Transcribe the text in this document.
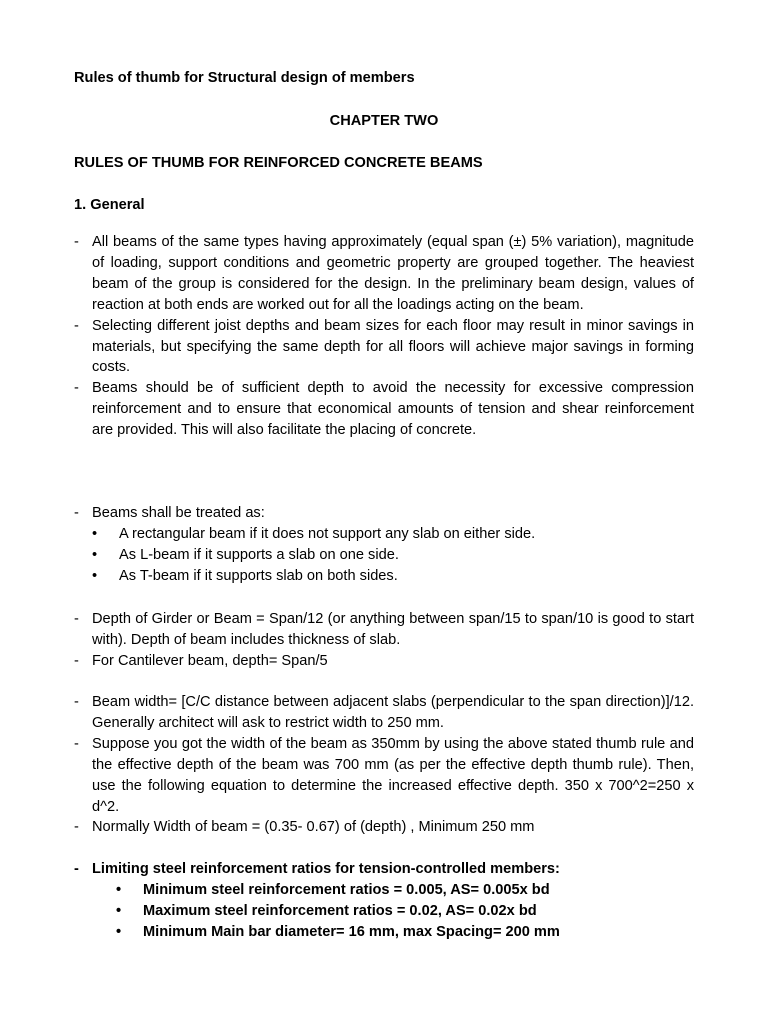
Rules of thumb for Structural design of members
CHAPTER TWO
RULES OF THUMB FOR REINFORCED CONCRETE BEAMS
1. General
- All beams of the same types having approximately (equal span (±) 5% variation), magnitude of loading, support conditions and geometric property are grouped together. The heaviest beam of the group is considered for the design. In the preliminary beam design, values of reaction at both ends are worked out for all the loadings acting on the beam.
- Selecting different joist depths and beam sizes for each floor may result in minor savings in materials, but specifying the same depth for all floors will achieve major savings in forming costs.
- Beams should be of sufficient depth to avoid the necessity for excessive compression reinforcement and to ensure that economical amounts of tension and shear reinforcement are provided. This will also facilitate the placing of concrete.
- Beams shall be treated as:
• A rectangular beam if it does not support any slab on either side.
• As L-beam if it supports a slab on one side.
• As T-beam if it supports slab on both sides.
- Depth of Girder or Beam = Span/12 (or anything between span/15 to span/10 is good to start with). Depth of beam includes thickness of slab.
- For Cantilever beam, depth= Span/5
- Beam width= [C/C distance between adjacent slabs (perpendicular to the span direction)]/12. Generally architect will ask to restrict width to 250 mm.
- Suppose you got the width of the beam as 350mm by using the above stated thumb rule and the effective depth of the beam was 700 mm (as per the effective depth thumb rule). Then, use the following equation to determine the increased effective depth. 350 x 700^2=250 x d^2.
- Normally Width of beam = (0.35- 0.67) of (depth) , Minimum 250 mm
- Limiting steel reinforcement ratios for tension-controlled members:
• Minimum steel reinforcement ratios = 0.005, AS= 0.005x bd
• Maximum steel reinforcement ratios = 0.02, AS= 0.02x bd
• Minimum Main bar diameter= 16 mm, max Spacing= 200 mm
